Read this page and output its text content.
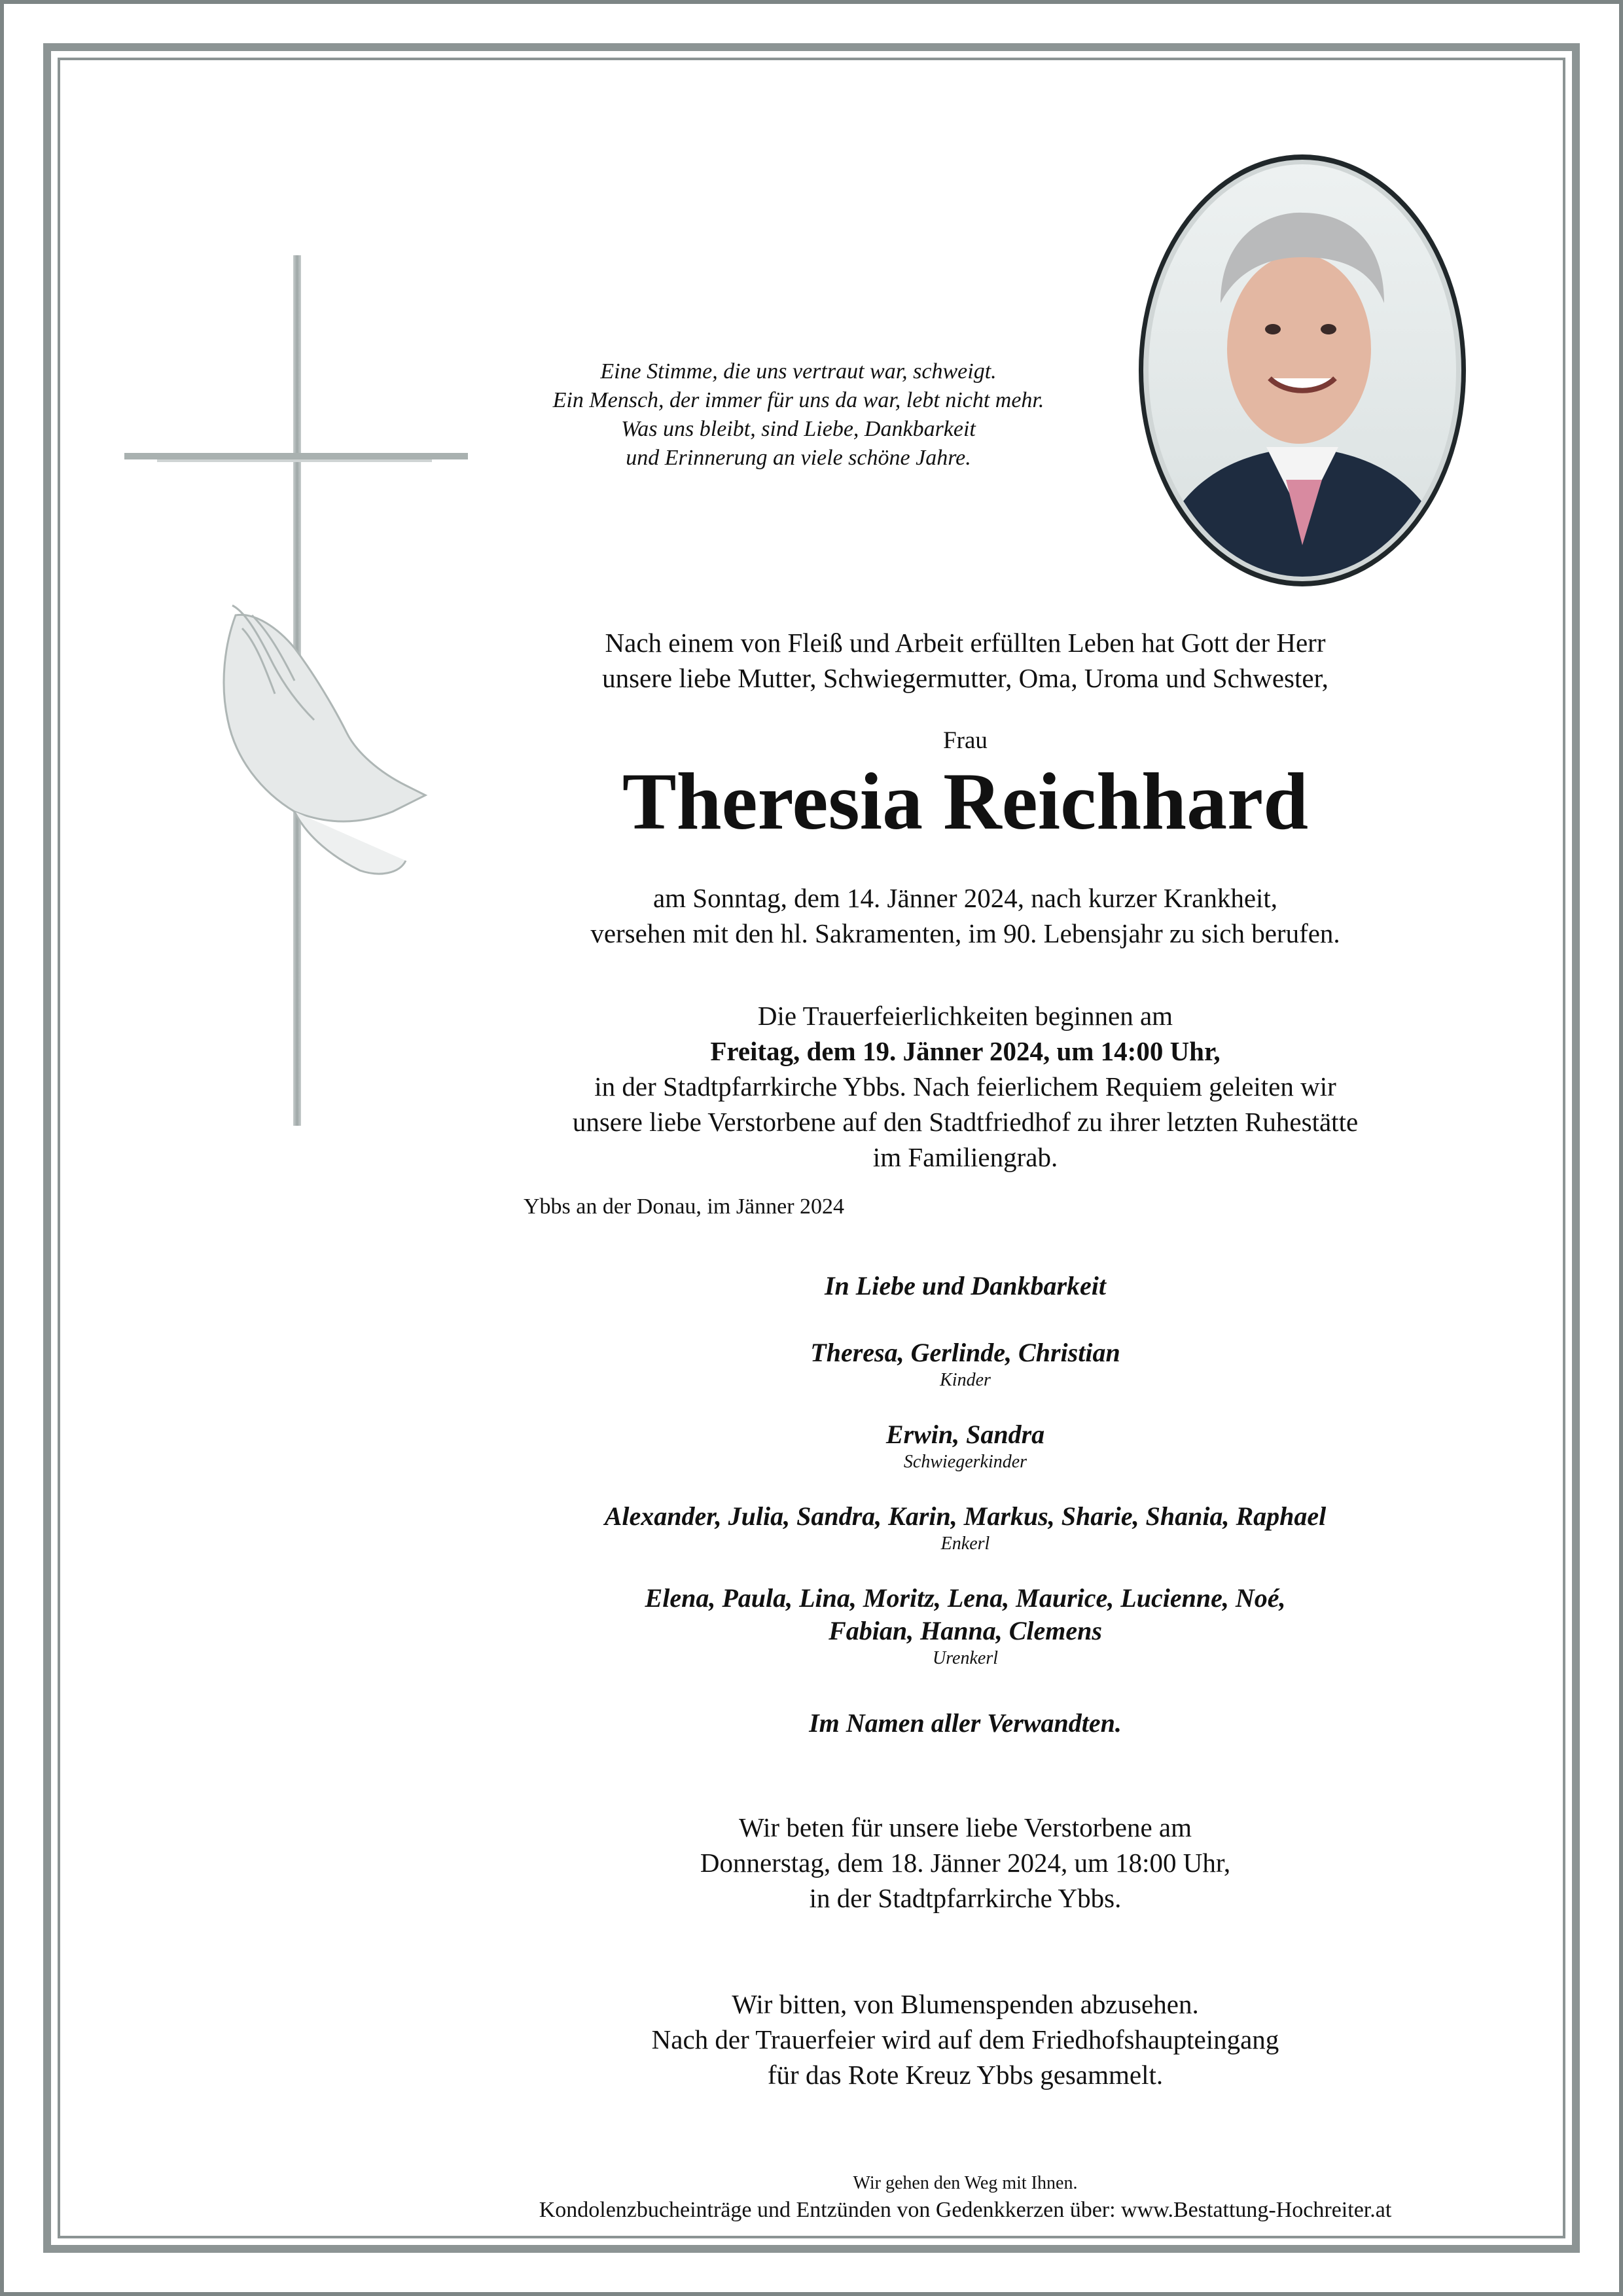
Eine Stimme, die uns vertraut war, schweigt.
Ein Mensch, der immer für uns da war, lebt nicht mehr.
Was uns bleibt, sind Liebe, Dankbarkeit
und Erinnerung an viele schöne Jahre.
Nach einem von Fleiß und Arbeit erfüllten Leben hat Gott der Herr
unsere liebe Mutter, Schwiegermutter, Oma, Uroma und Schwester,
Frau
Theresia Reichhard
am Sonntag, dem 14. Jänner 2024, nach kurzer Krankheit,
versehen mit den hl. Sakramenten, im 90. Lebensjahr zu sich berufen.
Die Trauerfeierlichkeiten beginnen am
Freitag, dem 19. Jänner 2024, um 14:00 Uhr,
in der Stadtpfarrkirche Ybbs. Nach feierlichem Requiem geleiten wir
unsere liebe Verstorbene auf den Stadtfriedhof zu ihrer letzten Ruhestätte
im Familiengrab.
Ybbs an der Donau, im Jänner 2024
In Liebe und Dankbarkeit
Theresa, Gerlinde, Christian
Kinder
Erwin, Sandra
Schwiegerkinder
Alexander, Julia, Sandra, Karin, Markus, Sharie, Shania, Raphael
Enkerl
Elena, Paula, Lina, Moritz, Lena, Maurice, Lucienne, Noé,
Fabian, Hanna, Clemens
Urenkerl
Im Namen aller Verwandten.
Wir beten für unsere liebe Verstorbene am
Donnerstag, dem 18. Jänner 2024, um 18:00 Uhr,
in der Stadtpfarrkirche Ybbs.
Wir bitten, von Blumenspenden abzusehen.
Nach der Trauerfeier wird auf dem Friedhofshaupteingang
für das Rote Kreuz Ybbs gesammelt.
Wir gehen den Weg mit Ihnen.
Kondolenzbucheinträge und Entzünden von Gedenkkerzen über: www.Bestattung-Hochreiter.at
